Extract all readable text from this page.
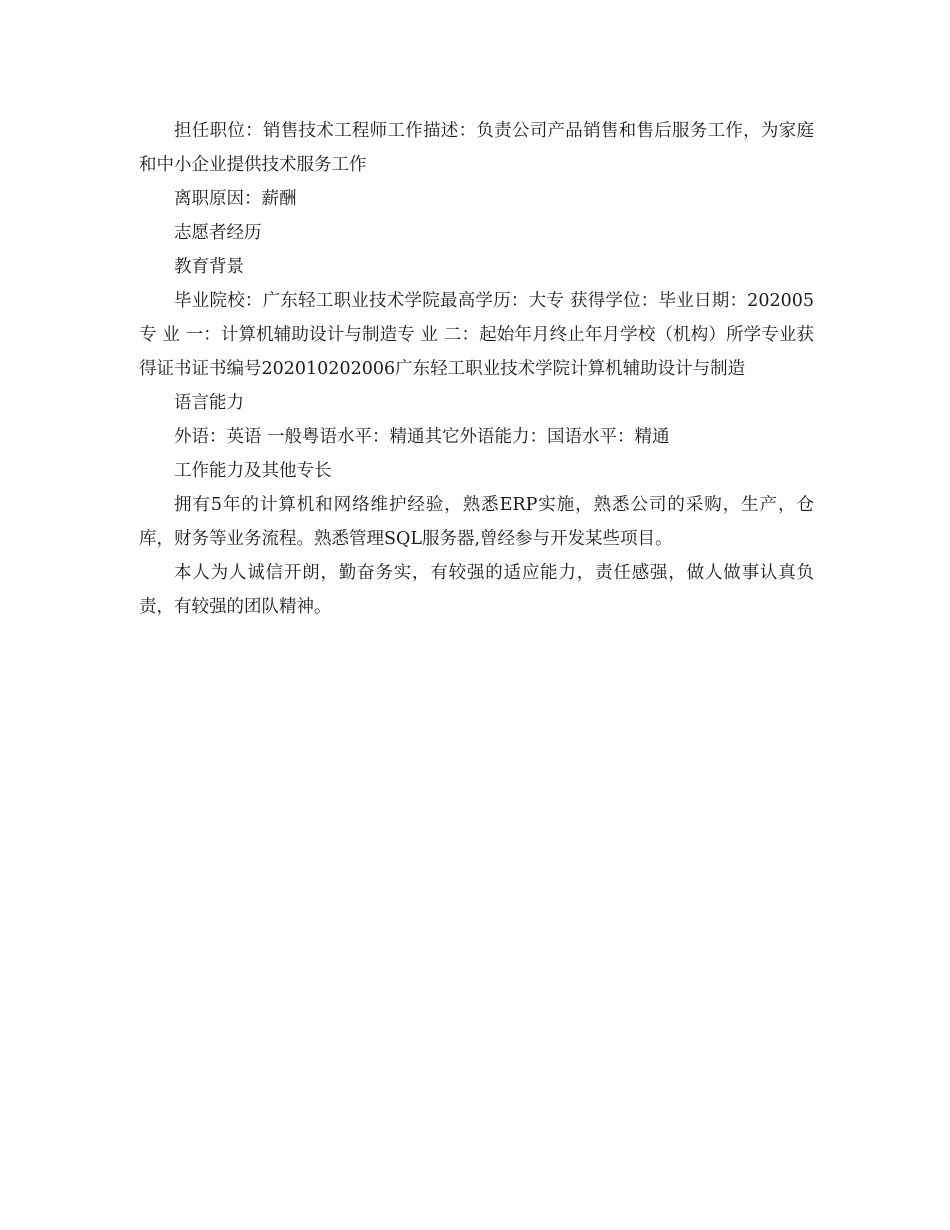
担任职位：销售技术工程师工作描述：负责公司产品销售和售后服务工作，为家庭和中小企业提供技术服务工作

离职原因：薪酬

志愿者经历

教育背景

毕业院校：广东轻工职业技术学院最高学历：大专 获得学位：毕业日期：202005专 业 一：计算机辅助设计与制造专 业 二：起始年月终止年月学校（机构）所学专业获得证书证书编号202010202006广东轻工职业技术学院计算机辅助设计与制造

语言能力

外语：英语 一般粤语水平：精通其它外语能力：国语水平：精通

工作能力及其他专长

拥有5年的计算机和网络维护经验，熟悉ERP实施，熟悉公司的采购，生产，仓库，财务等业务流程。熟悉管理SQL服务器,曾经参与开发某些项目。

本人为人诚信开朗，勤奋务实，有较强的适应能力，责任感强，做人做事认真负责，有较强的团队精神。
